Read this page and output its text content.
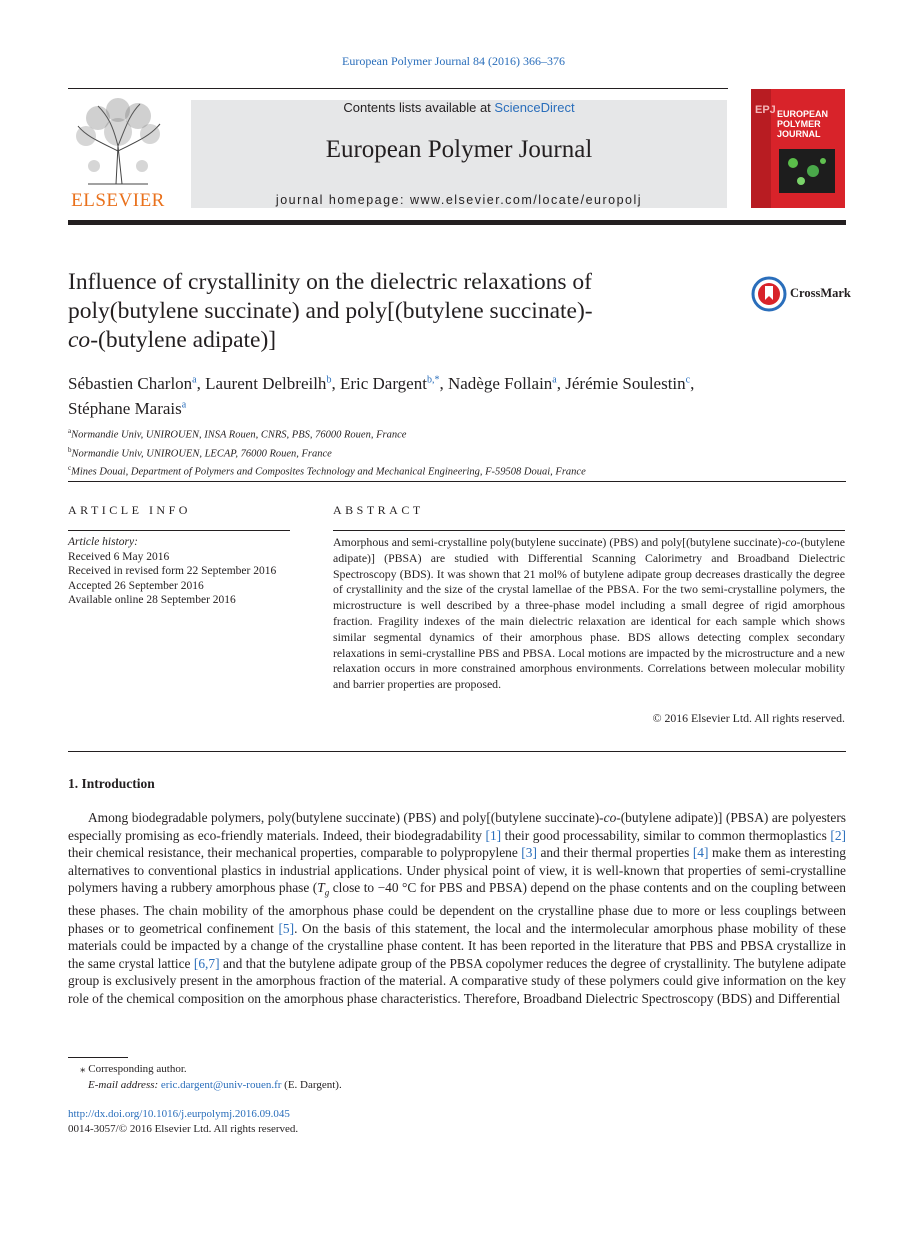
European Polymer Journal 84 (2016) 366–376
ELSEVIER
Contents lists available at ScienceDirect
European Polymer Journal
journal homepage: www.elsevier.com/locate/europolj
EPJ EUROPEAN POLYMER JOURNAL
Influence of crystallinity on the dielectric relaxations of
poly(butylene succinate) and poly[(butylene succinate)-
co-(butylene adipate)]
CrossMark
Sébastien Charlon$^a$, Laurent Delbreilh$^b$, Eric Dargent$^{b,*}$, Nadège Follain$^a$, Jérémie Soulestin$^c$,
Stéphane Marais$^a$
$^a$Normandie Univ, UNIROUEN, INSA Rouen, CNRS, PBS, 76000 Rouen, France
$^b$Normandie Univ, UNIROUEN, LECAP, 76000 Rouen, France
$^c$Mines Douai, Department of Polymers and Composites Technology and Mechanical Engineering, F-59508 Douai, France
ARTICLE INFO
Article history:
Received 6 May 2016
Received in revised form 22 September 2016
Accepted 26 September 2016
Available online 28 September 2016
ABSTRACT
Amorphous and semi-crystalline poly(butylene succinate) (PBS) and poly[(butylene succinate)-co-(butylene adipate)] (PBSA) are studied with Differential Scanning Calorimetry and Broadband Dielectric Spectroscopy (BDS). It was shown that 21 mol% of butylene adipate group decreases drastically the degree of crystallinity and the size of the crystal lamellae of the PBSA. For the two semi-crystalline polymers, the microstructure is well described by a three-phase model including a small degree of rigid amorphous fraction. Fragility indexes of the main dielectric relaxation are identical for each sample which shows similar segmental dynamics of their amorphous phase. BDS allows detecting complex secondary relaxations in semi-crystalline PBS and PBSA. Local motions are impacted by the microstructure and a new relaxation occurs in more constrained amorphous environments. Correlations between molecular mobility and barrier properties are proposed.
© 2016 Elsevier Ltd. All rights reserved.
1. Introduction
Among biodegradable polymers, poly(butylene succinate) (PBS) and poly[(butylene succinate)-co-(butylene adipate)] (PBSA) are polyesters especially promising as eco-friendly materials. Indeed, their biodegradability [1] their good processability, similar to common thermoplastics [2] their chemical resistance, their mechanical properties, comparable to polypropylene [3] and their thermal properties [4] make them as interesting alternatives to conventional plastics in industrial applications. Under physical point of view, it is well-known that properties of semi-crystalline polymers having a rubbery amorphous phase ($T_g$ close to −40 °C for PBS and PBSA) depend on the phase contents and on the coupling between these phases. The chain mobility of the amorphous phase could be dependent on the crystalline phase due to more or less couplings between phases or to geometrical confinement [5]. On the basis of this statement, the local and the intermolecular amorphous phase mobility of these materials could be impacted by a change of the crystalline phase content. It has been reported in the literature that PBS and PBSA crystallize in the same crystal lattice [6,7] and that the butylene adipate group of the PBSA copolymer reduces the degree of crystallinity. The butylene adipate group is exclusively present in the amorphous fraction of the material. A comparative study of these polymers could give information on the key role of the chemical composition on the amorphous phase characteristics. Therefore, Broadband Dielectric Spectroscopy (BDS) and Differential
⁎ Corresponding author.
E-mail address: eric.dargent@univ-rouen.fr (E. Dargent).
http://dx.doi.org/10.1016/j.eurpolymj.2016.09.045
0014-3057/© 2016 Elsevier Ltd. All rights reserved.
